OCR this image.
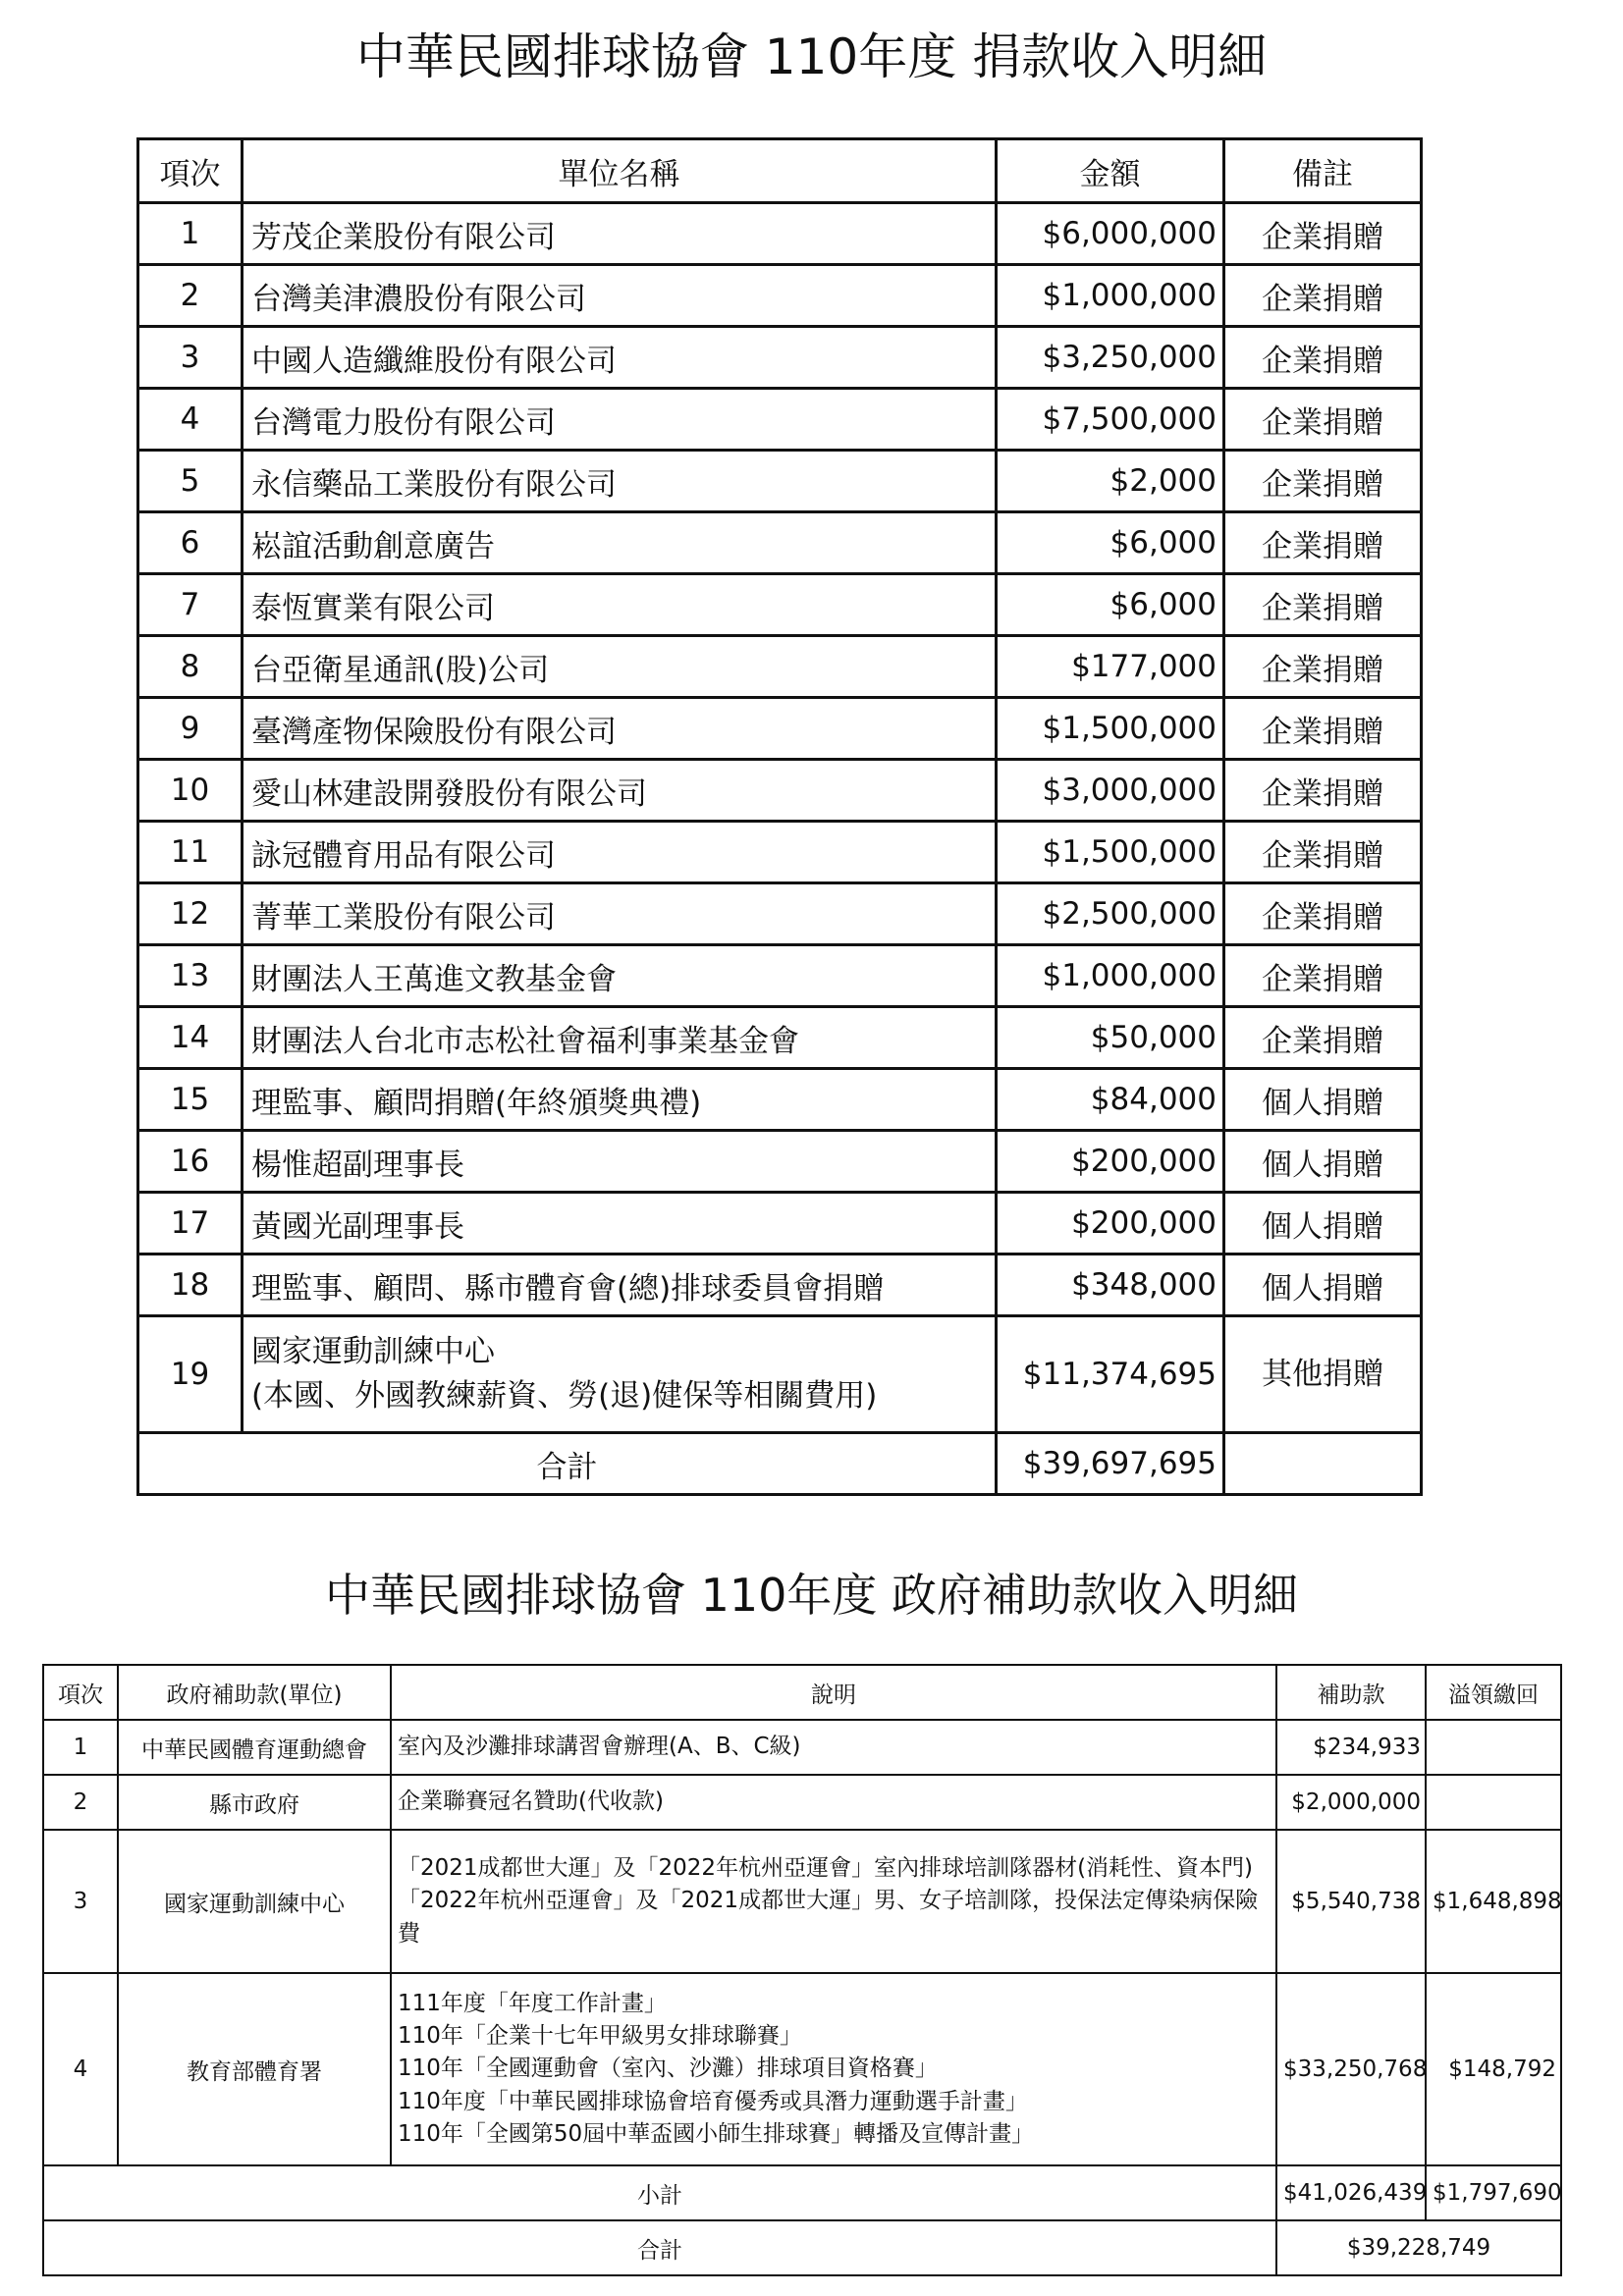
中華民國排球協會 110年度 捐款收入明細
項次	單位名稱	金額	備註
1	芳茂企業股份有限公司	$6,000,000	企業捐贈
2	台灣美津濃股份有限公司	$1,000,000	企業捐贈
3	中國人造纖維股份有限公司	$3,250,000	企業捐贈
4	台灣電力股份有限公司	$7,500,000	企業捐贈
5	永信藥品工業股份有限公司	$2,000	企業捐贈
6	崧誼活動創意廣告	$6,000	企業捐贈
7	泰恆實業有限公司	$6,000	企業捐贈
8	台亞衛星通訊(股)公司	$177,000	企業捐贈
9	臺灣產物保險股份有限公司	$1,500,000	企業捐贈
10	愛山林建設開發股份有限公司	$3,000,000	企業捐贈
11	詠冠體育用品有限公司	$1,500,000	企業捐贈
12	菁華工業股份有限公司	$2,500,000	企業捐贈
13	財團法人王萬進文教基金會	$1,000,000	企業捐贈
14	財團法人台北市志松社會福利事業基金會	$50,000	企業捐贈
15	理監事、顧問捐贈(年終頒獎典禮)	$84,000	個人捐贈
16	楊惟超副理事長	$200,000	個人捐贈
17	黃國光副理事長	$200,000	個人捐贈
18	理監事、顧問、縣市體育會(總)排球委員會捐贈	$348,000	個人捐贈
19	國家運動訓練中心
(本國、外國教練薪資、勞(退)健保等相關費用)	$11,374,695	其他捐贈
合計		$39,697,695	
中華民國排球協會 110年度 政府補助款收入明細
項次	政府補助款(單位)	說明	補助款	溢領繳回
1	中華民國體育運動總會	室內及沙灘排球講習會辦理(A、B、C級)	$234,933	
2	縣市政府	企業聯賽冠名贊助(代收款)	$2,000,000	
3	國家運動訓練中心	「2021成都世大運」及「2022年杭州亞運會」室內排球培訓隊器材(消耗性、資本門)
「2022年杭州亞運會」及「2021成都世大運」男、女子培訓隊，投保法定傳染病保險費	$5,540,738	$1,648,898
4	教育部體育署	111年度「年度工作計畫」
110年「企業十七年甲級男女排球聯賽」
110年「全國運動會（室內、沙灘）排球項目資格賽」
110年度「中華民國排球協會培育優秀或具潛力運動選手計畫」
110年「全國第50屆中華盃國小師生排球賽」轉播及宣傳計畫」	$33,250,768	$148,792
小計			$41,026,439	$1,797,690
合計			$39,228,749	
